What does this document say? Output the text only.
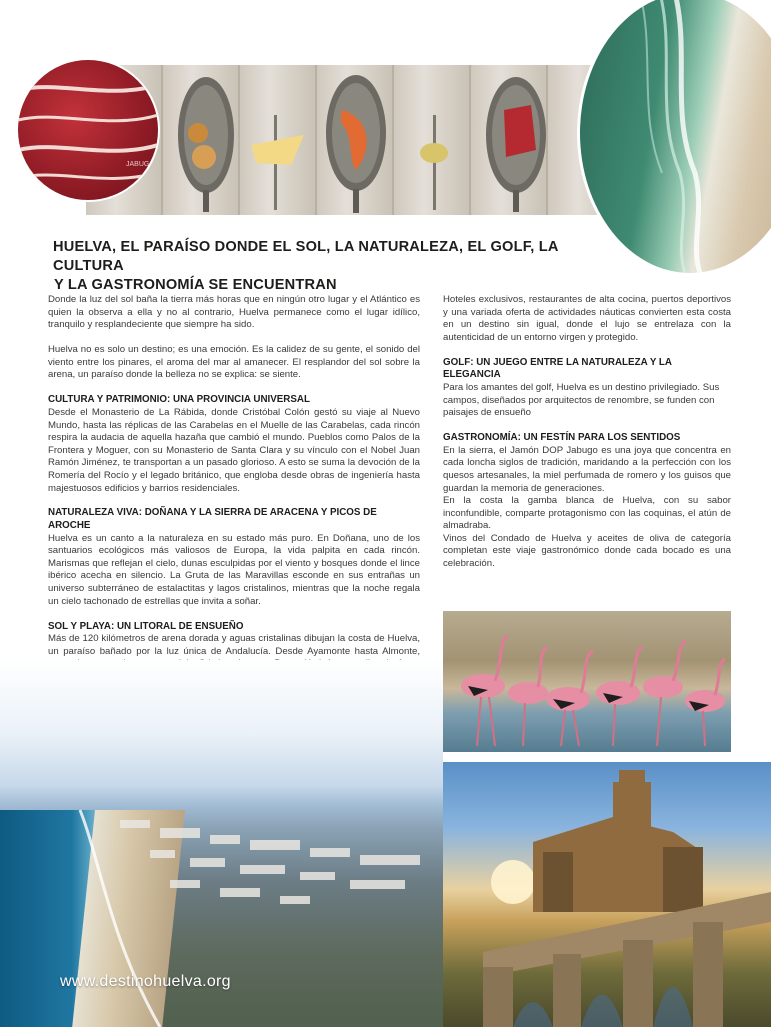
JABUGO
HUELVA, EL PARAÍSO DONDE EL SOL, LA NATURALEZA, EL GOLF, LA CULTURA
Y LA GASTRONOMÍA SE ENCUENTRAN

Donde la luz del sol baña la tierra más horas que en ningún otro lugar y el Atlántico es quien la observa a ella y no al contrario, Huelva permanece como el lugar idílico, tranquilo y resplandeciente que siempre ha sido.

Huelva no es solo un destino; es una emoción. Es la calidez de su gente, el sonido del viento entre los pinares, el aroma del mar al amanecer. El resplandor del sol sobre la arena, un paraíso donde la belleza no se explica: se siente.

CULTURA Y PATRIMONIO: UNA PROVINCIA UNIVERSAL

Desde el Monasterio de La Rábida, donde Cristóbal Colón gestó su viaje al Nuevo Mundo, hasta las réplicas de las Carabelas en el Muelle de las Carabelas, cada rincón respira la audacia de aquella hazaña que cambió el mundo. Pueblos como Palos de la Frontera y Moguer, con su Monasterio de Santa Clara y su vínculo con el Nobel Juan Ramón Jiménez, te transportan a un pasado glorioso. A esto se suma la devoción de la Romería del Rocío y el legado británico, que engloba desde obras de ingeniería hasta majestuosos edificios y barrios residenciales.

NATURALEZA VIVA: DOÑANA Y LA SIERRA DE ARACENA Y PICOS DE AROCHE

Huelva es un canto a la naturaleza en su estado más puro. En Doñana, uno de los santuarios ecológicos más valiosos de Europa, la vida palpita en cada rincón. Marismas que reflejan el cielo, dunas esculpidas por el viento y bosques donde el lince ibérico acecha en silencio. La Gruta de las Maravillas esconde en sus entrañas un universo subterráneo de estalactitas y lagos cristalinos, mientras que la noche regala un cielo tachonado de estrellas que invita a soñar.

SOL Y PLAYA: UN LITORAL DE ENSUEÑO

Más de 120 kilómetros de arena dorada y aguas cristalinas dibujan la costa de Huelva, un paraíso bañado por la luz única de Andalucía. Desde Ayamonte hasta Almonte,

Hoteles exclusivos, restaurantes de alta cocina, puertos deportivos y una variada oferta de actividades náuticas convierten esta costa en un destino sin igual, donde el lujo se entrelaza con la autenticidad de un entorno virgen y protegido.

GOLF: UN JUEGO ENTRE LA NATURALEZA Y LA ELEGANCIA

Para los amantes del golf, Huelva es un destino privilegiado. Sus campos, diseñados por arquitectos de renombre, se funden con paisajes de ensueño

GASTRONOMÍA: UN FESTÍN PARA LOS SENTIDOS

En la sierra, el Jamón DOP Jabugo es una joya que concentra en cada loncha siglos de tradición, maridando a la perfección con los quesos artesanales, la miel perfumada de romero y los guisos que guardan la memoria de generaciones.

En la costa la gamba blanca de Huelva, con su sabor inconfundible, comparte protagonismo con las coquinas, el atún de almadraba.

Vinos del Condado de Huelva y aceites de oliva de categoría completan este viaje gastronómico donde cada bocado es una celebración.

www.destinohuelva.org
